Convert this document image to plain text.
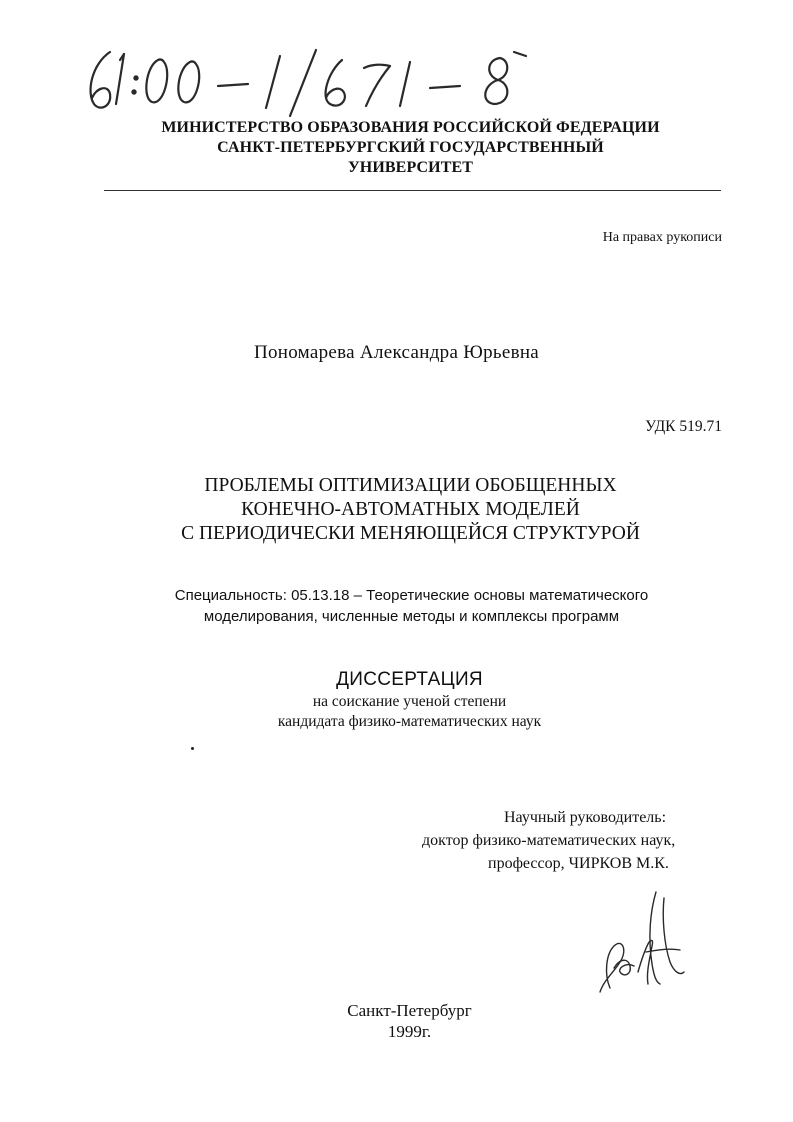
МИНИСТЕРСТВО ОБРАЗОВАНИЯ РОССИЙСКОЙ ФЕДЕРАЦИИ
САНКТ-ПЕТЕРБУРГСКИЙ ГОСУДАРСТВЕННЫЙ
УНИВЕРСИТЕТ
На правах рукописи
Пономарева Александра Юрьевна
УДК 519.71
ПРОБЛЕМЫ ОПТИМИЗАЦИИ ОБОБЩЕННЫХ
КОНЕЧНО-АВТОМАТНЫХ МОДЕЛЕЙ
С ПЕРИОДИЧЕСКИ МЕНЯЮЩЕЙСЯ СТРУКТУРОЙ
Специальность: 05.13.18 – Теоретические основы математического
моделирования, численные методы и комплексы программ
ДИССЕРТАЦИЯ
на соискание ученой степени
кандидата физико-математических наук
Научный руководитель:
доктор физико-математических наук,
профессор, ЧИРКОВ М.К.
Санкт-Петербург
1999г.
